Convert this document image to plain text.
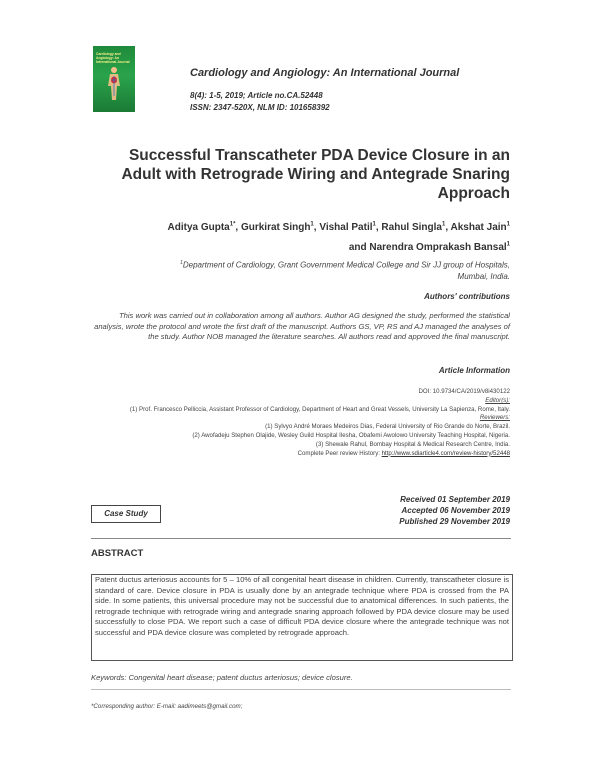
Cardiology and Angiology: An International Journal
Cardiology and Angiology: An International Journal
8(4): 1-5, 2019; Article no.CA.52448
ISSN: 2347-520X, NLM ID: 101658392
Successful Transcatheter PDA Device Closure in an Adult with Retrograde Wiring and Antegrade Snaring Approach
Aditya Gupta$^{1*}$, Gurkirat Singh$^1$, Vishal Patil$^1$, Rahul Singla$^1$, Akshat Jain$^1$
and Narendra Omprakash Bansal$^1$
$^1$Department of Cardiology, Grant Government Medical College and Sir JJ group of Hospitals, Mumbai, India.
Authors' contributions
This work was carried out in collaboration among all authors. Author AG designed the study, performed the statistical analysis, wrote the protocol and wrote the first draft of the manuscript. Authors GS, VP, RS and AJ managed the analyses of the study. Author NOB managed the literature searches. All authors read and approved the final manuscript.
Article Information
DOI: 10.9734/CA/2019/v8i430122
Editor(s):
(1) Prof. Francesco Pelliccia, Assistant Professor of Cardiology, Department of Heart and Great Vessels, University La Sapienza, Rome, Italy.
Reviewers:
(1) Sylvyo André Moraes Medeiros Dias, Federal University of Rio Grande do Norte, Brazil.
(2) Awofadeju Stephen Olajide, Wesley Guild Hospital Ilesha, Obafemi Awolowo University Teaching Hospital, Nigeria.
(3) Shewale Rahul, Bombay Hospital & Medical Research Centre, India.
Complete Peer review History: http://www.sdiarticle4.com/review-history/52448
Case Study
Received 01 September 2019
Accepted 06 November 2019
Published 29 November 2019
ABSTRACT
Patent ductus arteriosus accounts for 5 – 10% of all congenital heart disease in children. Currently, transcatheter closure is standard of care. Device closure in PDA is usually done by an antegrade technique where PDA is crossed from the PA side. In some patients, this universal procedure may not be successful due to anatomical differences. In such patients, the retrograde technique with retrograde wiring and antegrade snaring approach followed by PDA device closure may be used successfully to close PDA. We report such a case of difficult PDA device closure where the antegrade technique was not successful and PDA device closure was completed by retrograde approach.
Keywords: Congenital heart disease; patent ductus arteriosus; device closure.
*Corresponding author: E-mail: aadimeets@gmail.com;
